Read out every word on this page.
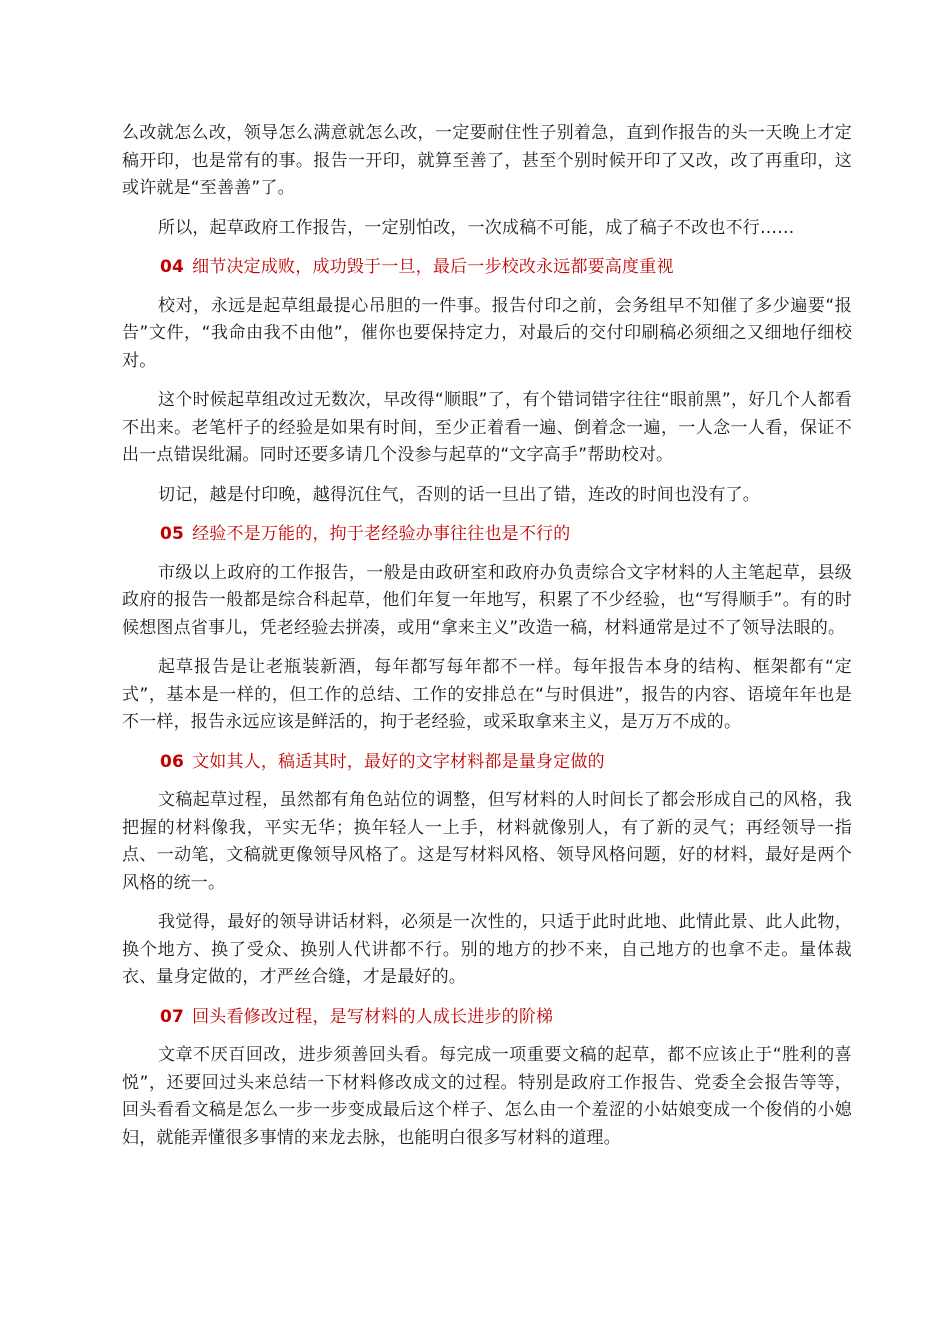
么改就怎么改，领导怎么满意就怎么改，一定要耐住性子别着急，直到作报告的头一天晚上才定稿开印，也是常有的事。报告一开印，就算至善了，甚至个别时候开印了又改，改了再重印，这或许就是“至善善”了。

所以，起草政府工作报告，一定别怕改，一次成稿不可能，成了稿子不改也不行……

04 细节决定成败，成功毁于一旦，最后一步校改永远都要高度重视

校对，永远是起草组最提心吊胆的一件事。报告付印之前，会务组早不知催了多少遍要“报告”文件，“我命由我不由他”，催你也要保持定力，对最后的交付印刷稿必须细之又细地仔细校对。

这个时候起草组改过无数次，早改得“顺眼”了，有个错词错字往往“眼前黑”，好几个人都看不出来。老笔杆子的经验是如果有时间，至少正着看一遍、倒着念一遍，一人念一人看，保证不出一点错误纰漏。同时还要多请几个没参与起草的“文字高手”帮助校对。

切记，越是付印晚，越得沉住气，否则的话一旦出了错，连改的时间也没有了。

05 经验不是万能的，拘于老经验办事往往也是不行的

市级以上政府的工作报告，一般是由政研室和政府办负责综合文字材料的人主笔起草，县级政府的报告一般都是综合科起草，他们年复一年地写，积累了不少经验，也“写得顺手”。有的时候想图点省事儿，凭老经验去拼凑，或用“拿来主义”改造一稿，材料通常是过不了领导法眼的。

起草报告是让老瓶装新酒，每年都写每年都不一样。每年报告本身的结构、框架都有“定式”，基本是一样的，但工作的总结、工作的安排总在“与时俱进”，报告的内容、语境年年也是不一样，报告永远应该是鲜活的，拘于老经验，或采取拿来主义，是万万不成的。

06 文如其人，稿适其时，最好的文字材料都是量身定做的

文稿起草过程，虽然都有角色站位的调整，但写材料的人时间长了都会形成自己的风格，我把握的材料像我，平实无华；换年轻人一上手，材料就像别人，有了新的灵气；再经领导一指点、一动笔，文稿就更像领导风格了。这是写材料风格、领导风格问题，好的材料，最好是两个风格的统一。

我觉得，最好的领导讲话材料，必须是一次性的，只适于此时此地、此情此景、此人此物，换个地方、换了受众、换别人代讲都不行。别的地方的抄不来，自己地方的也拿不走。量体裁衣、量身定做的，才严丝合缝，才是最好的。

07 回头看修改过程，是写材料的人成长进步的阶梯

文章不厌百回改，进步须善回头看。每完成一项重要文稿的起草，都不应该止于“胜利的喜悦”，还要回过头来总结一下材料修改成文的过程。特别是政府工作报告、党委全会报告等等，回头看看文稿是怎么一步一步变成最后这个样子、怎么由一个羞涩的小姑娘变成一个俊俏的小媳妇，就能弄懂很多事情的来龙去脉，也能明白很多写材料的道理。
